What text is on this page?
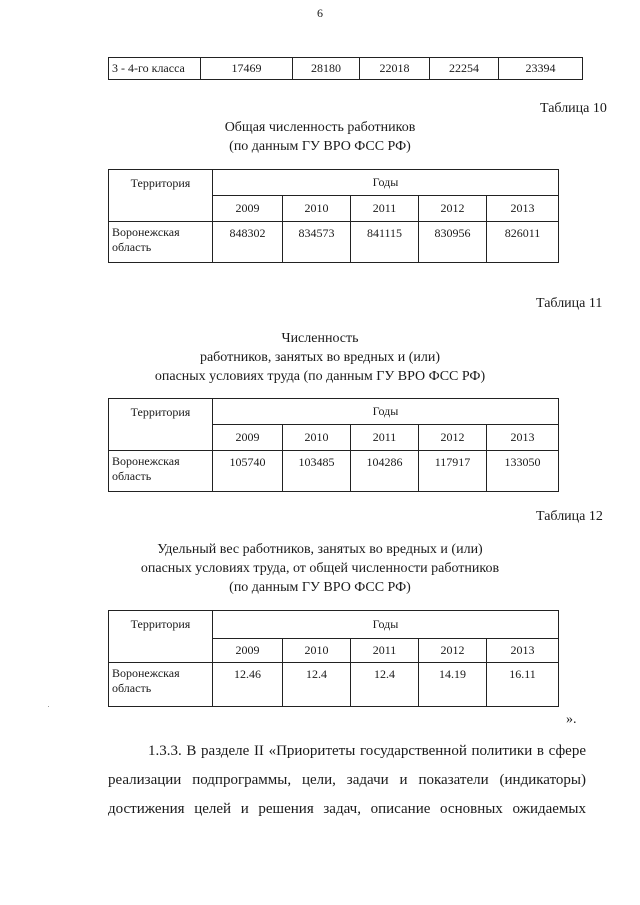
6
3 - 4-го класса	17469	28180	22018	22254	23394
Таблица 10
Общая численность работников
(по данным ГУ ВРО ФСС РФ)
Территория	Годы				
	2009	2010	2011	2012	2013
Воронежская
область	848302	834573	841115	830956	826011
Таблица 11
Численность
работников, занятых во вредных и (или)
опасных условиях труда (по данным ГУ ВРО ФСС РФ)
Территория	Годы				
	2009	2010	2011	2012	2013
Воронежская
область	105740	103485	104286	117917	133050
Таблица 12
Удельный вес работников, занятых во вредных и (или)
опасных условиях труда, от общей численности работников
(по данным ГУ ВРО ФСС РФ)
Территория	Годы				
	2009	2010	2011	2012	2013
Воронежская
область	12.46	12.4	12.4	14.19	16.11
».
1.3.3. В разделе II «Приоритеты государственной политики в сфере
реализации подпрограммы, цели, задачи и показатели (индикаторы)
достижения целей и решения задач, описание основных ожидаемых
